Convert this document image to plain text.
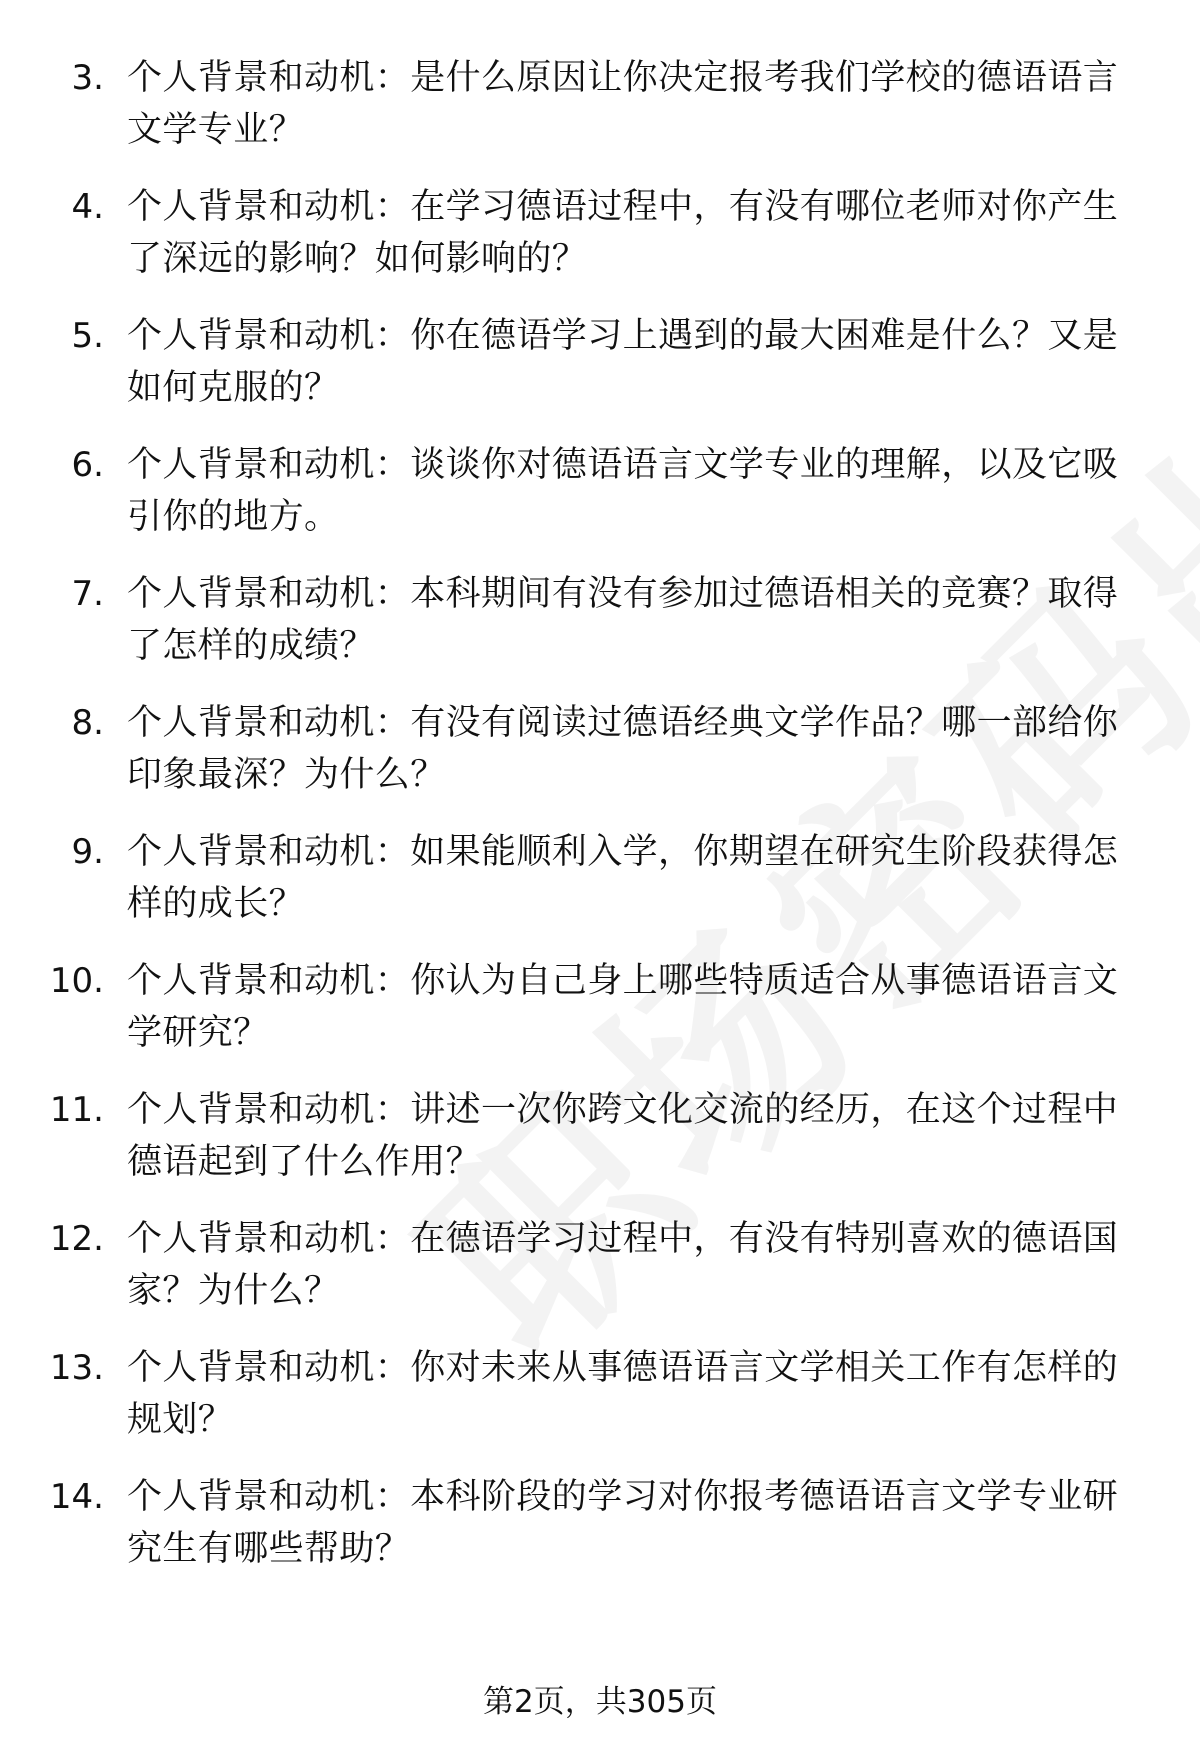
3. 个人背景和动机：是什么原因让你决定报考我们学校的德语语言文学专业？
4. 个人背景和动机：在学习德语过程中，有没有哪位老师对你产生了深远的影响？如何影响的？
5. 个人背景和动机：你在德语学习上遇到的最大困难是什么？又是如何克服的？
6. 个人背景和动机：谈谈你对德语语言文学专业的理解，以及它吸引你的地方。
7. 个人背景和动机：本科期间有没有参加过德语相关的竞赛？取得了怎样的成绩？
8. 个人背景和动机：有没有阅读过德语经典文学作品？哪一部给你印象最深？为什么？
9. 个人背景和动机：如果能顺利入学，你期望在研究生阶段获得怎样的成长？
10. 个人背景和动机：你认为自己身上哪些特质适合从事德语语言文学研究？
11. 个人背景和动机：讲述一次你跨文化交流的经历，在这个过程中德语起到了什么作用？
12. 个人背景和动机：在德语学习过程中，有没有特别喜欢的德语国家？为什么？
13. 个人背景和动机：你对未来从事德语语言文学相关工作有怎样的规划？
14. 个人背景和动机：本科阶段的学习对你报考德语语言文学专业研究生有哪些帮助？
第2页，共305页
